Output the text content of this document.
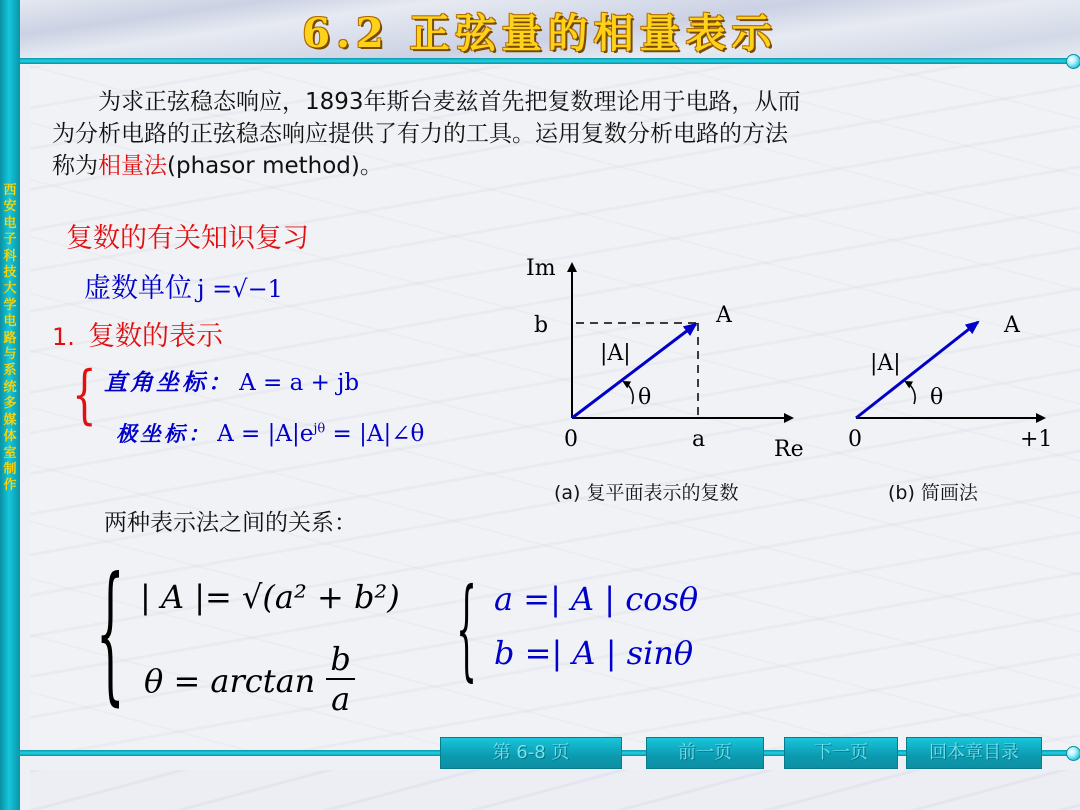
西安电子科技大学电路与系统多媒体室制作
6.2 正弦量的相量表示
为求正弦稳态响应，1893年斯台麦兹首先把复数理论用于电路，从而
为分析电路的正弦稳态响应提供了有力的工具。运用复数分析电路的方法
称为相量法(phasor method)。
复数的有关知识复习
虚数单位 j =√−1
1. 复数的表示
{ 直角坐标： A = a + jb
极坐标： $A = |A|e^{j\theta}$ = |A|∠θ
两种表示法之间的关系：
{ | A |= √(a² + b²)
$\theta = \arctan \frac{b}{a}$ { a =| A | cosθ
b =| A | sinθ
Im
b	A
|A|
θ
0	a	Re
A
|A|
θ
0	+1
(a) 复平面表示的复数	(b) 简画法
第 6-8 页	前一页	下一页	回本章目录
